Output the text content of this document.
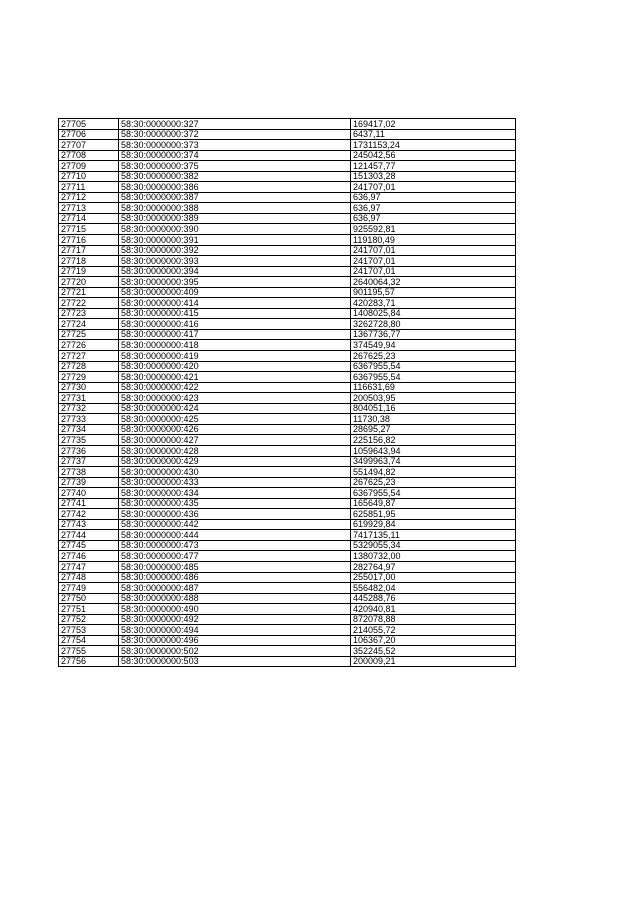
27705	58:30:0000000:327	169417,02
27706	58:30:0000000:372	6437,11
27707	58:30:0000000:373	1731153,24
27708	58:30:0000000:374	245042,56
27709	58:30:0000000:375	121457,77
27710	58:30:0000000:382	151303,28
27711	58:30:0000000:386	241707,01
27712	58:30:0000000:387	636,97
27713	58:30:0000000:388	636,97
27714	58:30:0000000:389	636,97
27715	58:30:0000000:390	925592,81
27716	58:30:0000000:391	119180,49
27717	58:30:0000000:392	241707,01
27718	58:30:0000000:393	241707,01
27719	58:30:0000000:394	241707,01
27720	58:30:0000000:395	2640064,32
27721	58:30:0000000:409	901195,57
27722	58:30:0000000:414	420283,71
27723	58:30:0000000:415	1408025,84
27724	58:30:0000000:416	3262728,80
27725	58:30:0000000:417	1367736,77
27726	58:30:0000000:418	374549,94
27727	58:30:0000000:419	267625,23
27728	58:30:0000000:420	6367955,54
27729	58:30:0000000:421	6367955,54
27730	58:30:0000000:422	116631,69
27731	58:30:0000000:423	200503,95
27732	58:30:0000000:424	804051,16
27733	58:30:0000000:425	11730,38
27734	58:30:0000000:426	28695,27
27735	58:30:0000000:427	225156,82
27736	58:30:0000000:428	1059643,94
27737	58:30:0000000:429	3499963,74
27738	58:30:0000000:430	551494,82
27739	58:30:0000000:433	267625,23
27740	58:30:0000000:434	6367955,54
27741	58:30:0000000:435	165649,87
27742	58:30:0000000:436	625851,95
27743	58:30:0000000:442	619929,84
27744	58:30:0000000:444	7417135,11
27745	58:30:0000000:473	5329055,34
27746	58:30:0000000:477	1380732,00
27747	58:30:0000000:485	282764,97
27748	58:30:0000000:486	255017,00
27749	58:30:0000000:487	556482,04
27750	58:30:0000000:488	445288,76
27751	58:30:0000000:490	420940,81
27752	58:30:0000000:492	872078,88
27753	58:30:0000000:494	214055,72
27754	58:30:0000000:496	106367,20
27755	58:30:0000000:502	352245,52
27756	58:30:0000000:503	200009,21
